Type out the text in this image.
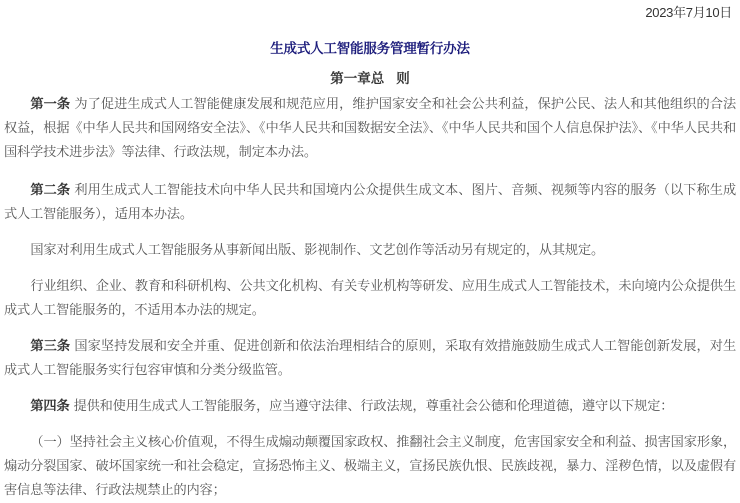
2023年7月10日
生成式人工智能服务管理暂行办法
第一章总 则

第一条 为了促进生成式人工智能健康发展和规范应用，维护国家安全和社会公共利益，保护公民、法人和其他组织的合法权益，根据《中华人民共和国网络安全法》、《中华人民共和国数据安全法》、《中华人民共和国个人信息保护法》、《中华人民共和国科学技术进步法》等法律、行政法规，制定本办法。

第二条 利用生成式人工智能技术向中华人民共和国境内公众提供生成文本、图片、音频、视频等内容的服务（以下称生成式人工智能服务），适用本办法。

国家对利用生成式人工智能服务从事新闻出版、影视制作、文艺创作等活动另有规定的，从其规定。

行业组织、企业、教育和科研机构、公共文化机构、有关专业机构等研发、应用生成式人工智能技术，未向境内公众提供生成式人工智能服务的，不适用本办法的规定。

第三条 国家坚持发展和安全并重、促进创新和依法治理相结合的原则，采取有效措施鼓励生成式人工智能创新发展，对生成式人工智能服务实行包容审慎和分类分级监管。

第四条 提供和使用生成式人工智能服务，应当遵守法律、行政法规，尊重社会公德和伦理道德，遵守以下规定：

（一）坚持社会主义核心价值观，不得生成煽动颠覆国家政权、推翻社会主义制度，危害国家安全和利益、损害国家形象，煽动分裂国家、破坏国家统一和社会稳定，宣扬恐怖主义、极端主义，宣扬民族仇恨、民族歧视，暴力、淫秽色情，以及虚假有害信息等法律、行政法规禁止的内容；
